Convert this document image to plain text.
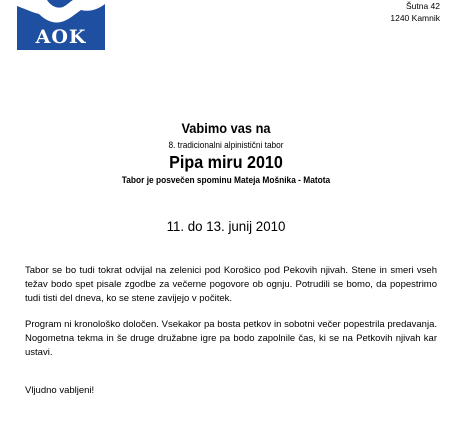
AOK
Šutna 42
1240 Kamnik
Vabimo vas na
8. tradicionalni alpinistični tabor
Pipa miru 2010
Tabor je posvečen spominu Mateja Mošnika - Matota
11. do 13. junij 2010
Tabor se bo tudi tokrat odvijal na zelenici pod Korošico pod Pekovih njivah. Stene in smeri vseh težav bodo spet pisale zgodbe za večerne pogovore ob ognju. Potrudili se bomo, da popestrimo tudi tisti del dneva, ko se stene zavijejo v počitek.
Program ni kronološko določen. Vsekakor pa bosta petkov in sobotni večer popestrila predavanja. Nogometna tekma in še druge družabne igre pa bodo zapolnile čas, ki se na Petkovih njivah kar ustavi.
Vljudno vabljeni!
